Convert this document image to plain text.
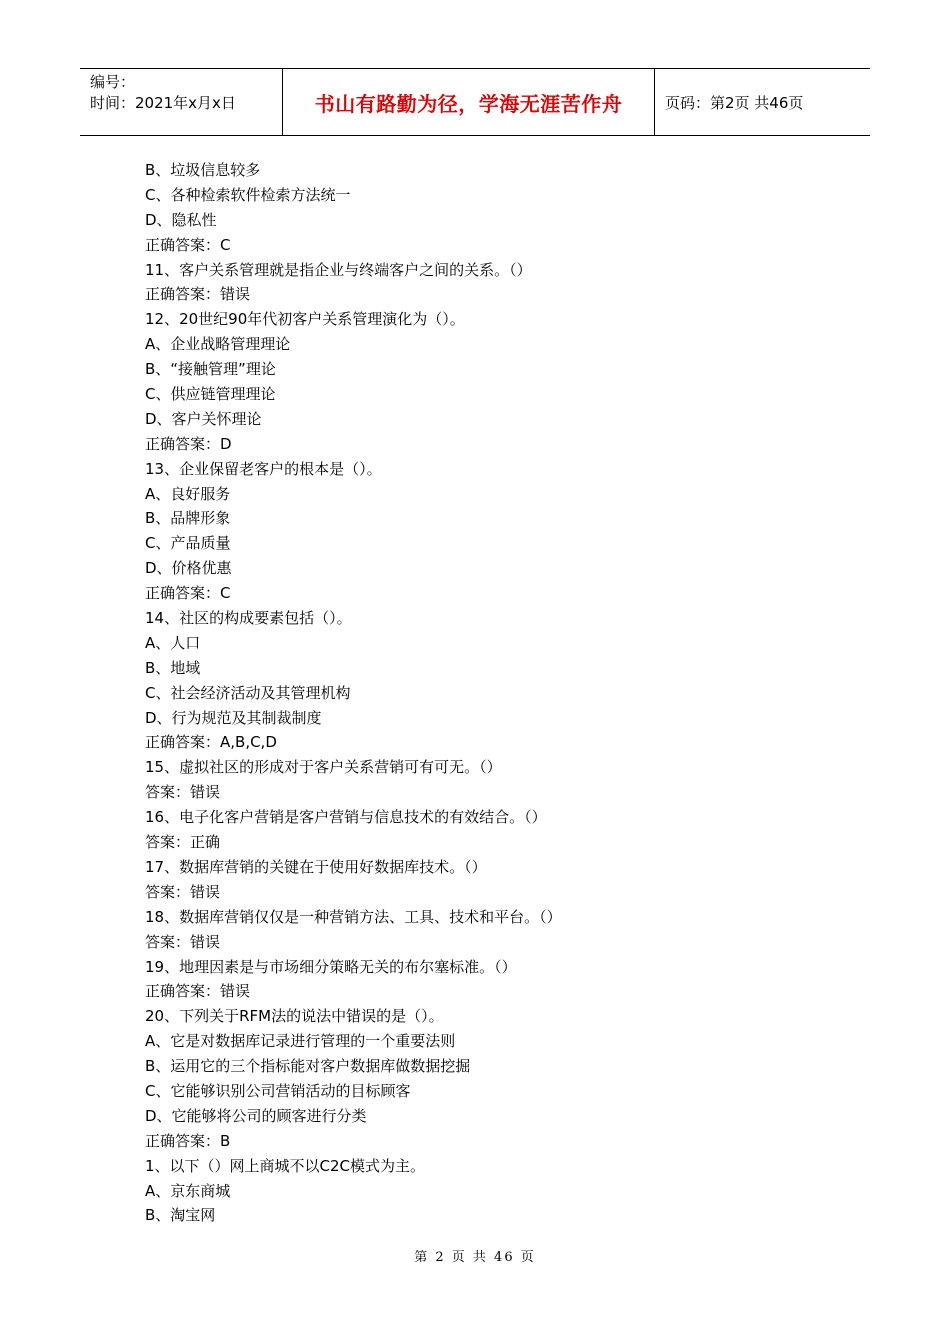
编号：
时间：2021年x月x日	书山有路勤为径，学海无涯苦作舟	页码：第2页 共46页
B、垃圾信息较多
C、各种检索软件检索方法统一
D、隐私性
正确答案：C
11、客户关系管理就是指企业与终端客户之间的关系。（）
正确答案：错误
12、20世纪90年代初客户关系管理演化为（）。
A、企业战略管理理论
B、“接触管理”理论
C、供应链管理理论
D、客户关怀理论
正确答案：D
13、企业保留老客户的根本是（）。
A、良好服务
B、品牌形象
C、产品质量
D、价格优惠
正确答案：C
14、社区的构成要素包括（）。
A、人口
B、地域
C、社会经济活动及其管理机构
D、行为规范及其制裁制度
正确答案：A,B,C,D
15、虚拟社区的形成对于客户关系营销可有可无。（）
答案：错误
16、电子化客户营销是客户营销与信息技术的有效结合。（）
答案：正确
17、数据库营销的关键在于使用好数据库技术。（）
答案：错误
18、数据库营销仅仅是一种营销方法、工具、技术和平台。（）
答案：错误
19、地理因素是与市场细分策略无关的布尔塞标准。（）
正确答案：错误
20、下列关于RFM法的说法中错误的是（）。
A、它是对数据库记录进行管理的一个重要法则
B、运用它的三个指标能对客户数据库做数据挖掘
C、它能够识别公司营销活动的目标顾客
D、它能够将公司的顾客进行分类
正确答案：B
1、以下（）网上商城不以C2C模式为主。
A、京东商城
B、淘宝网
第 2 页 共 46 页
